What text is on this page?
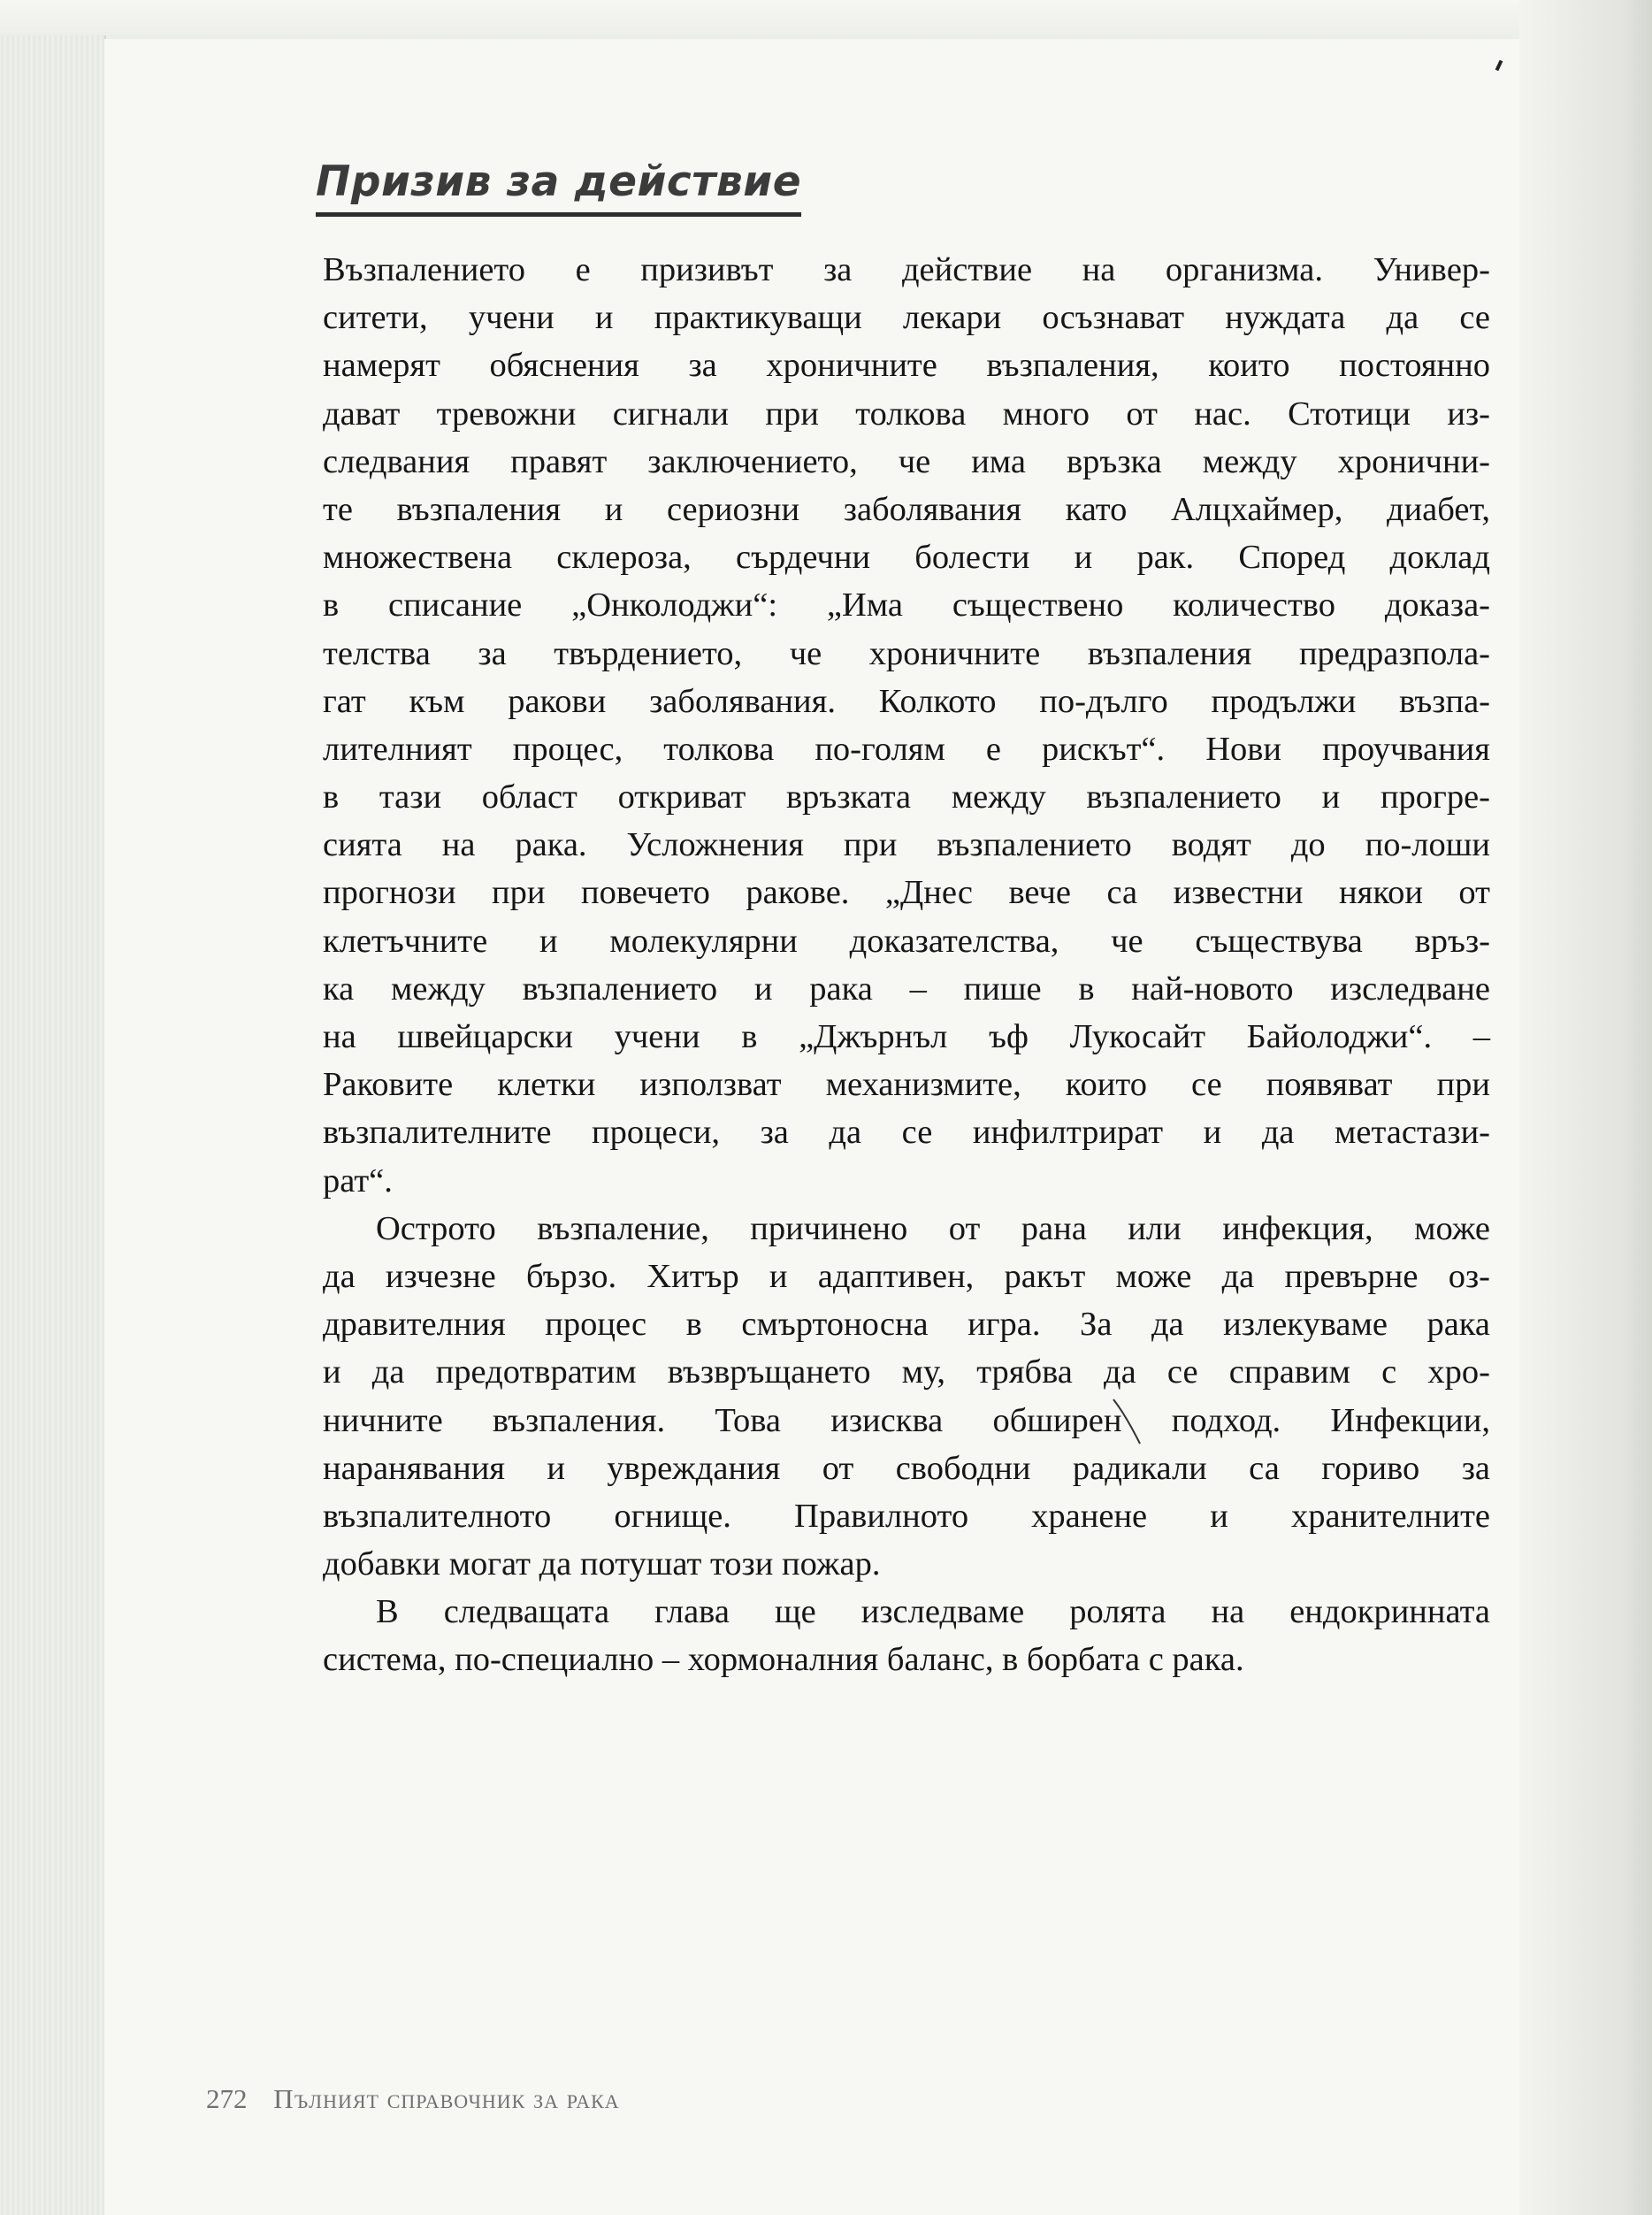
Призив за действие
Възпалението е призивът за действие на организма. Унивeр-
ситети, учени и практикуващи лекари осъзнават нуждата да се
намерят обяснения за хроничните възпаления, които постоянно
дават тревожни сигнали при толкова много от нас. Стотици из-
следвания правят заключението, че има връзка между хронични-
те възпаления и сериозни заболявания като Алцхаймер, диабет,
множествена склероза, сърдечни болести и рак. Според доклад
в списание „Онколоджи“: „Има съществено количество доказа-
телства за твърдението, че хроничните възпаления предразпола-
гат към ракови заболявания. Колкото по-дълго продължи възпа-
лителният процес, толкова по-голям е рискът“. Нови проучвания
в тази област откриват връзката между възпалението и прогре-
сията на рака. Усложнения при възпалението водят до по-лоши
прогнози при повечето ракове. „Днес вече са известни някои от
клетъчните и молекулярни доказателства, че съществува връз-
ка между възпалението и рака – пише в най-новото изследване
на швейцарски учени в „Джърнъл ъф Лукосайт Байолоджи“. –
Раковите клетки използват механизмите, които се появяват при
възпалителните процеси, за да се инфилтрират и да метастази-
рат“.
Острото възпаление, причинено от рана или инфекция, може
да изчезне бързо. Хитър и адаптивен, ракът може да превърне оз-
дравителния процес в смъртоносна игра. За да излекуваме рака
и да предотвратим възвръщането му, трябва да се справим с хро-
ничните възпаления. Това изисква обширен подход. Инфекции,
наранявания и увреждания от свободни радикали са гориво за
възпалителното огнище. Правилното хранене и хранителните
добавки могат да потушат този пожар.
В следващата глава ще изследваме ролята на ендокринната
система, по-специално – хормоналния баланс, в борбата с рака.
272 Пълният справочник за рака
